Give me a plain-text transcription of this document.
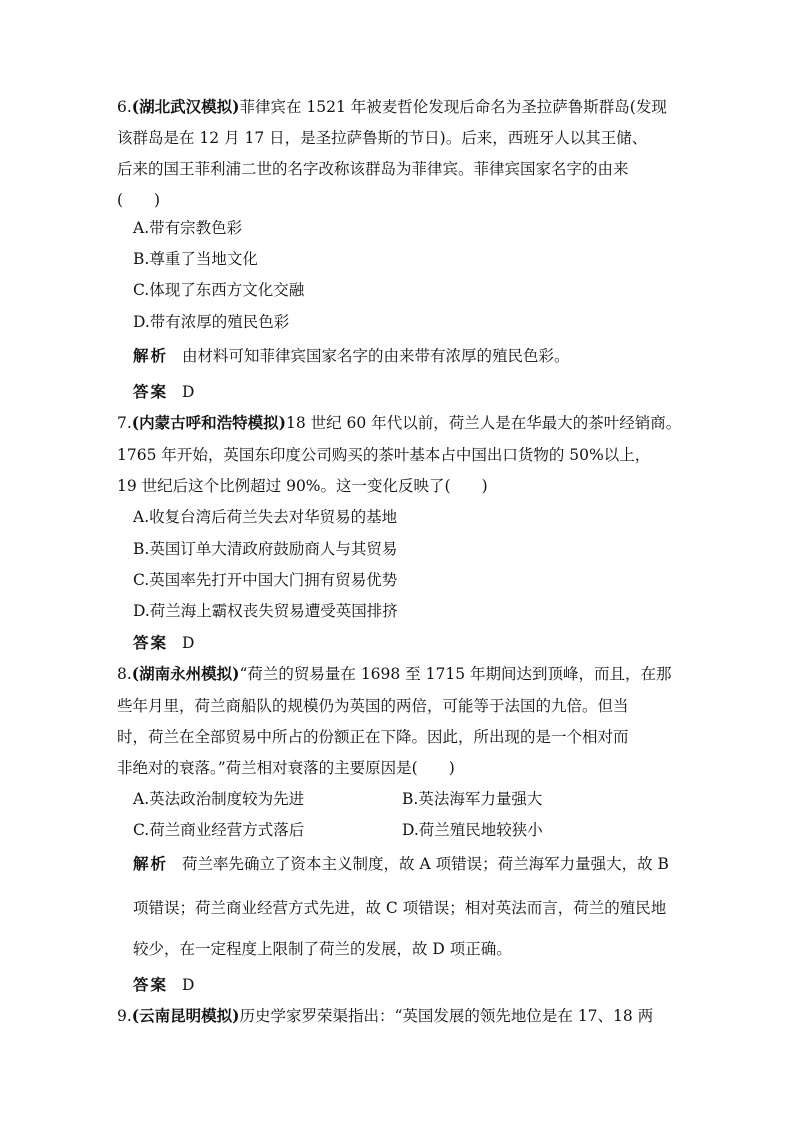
6.(湖北武汉模拟)菲律宾在 1521 年被麦哲伦发现后命名为圣拉萨鲁斯群岛(发现
该群岛是在 12 月 17 日，是圣拉萨鲁斯的节日)。后来，西班牙人以其王储、
后来的国王菲利浦二世的名字改称该群岛为菲律宾。菲律宾国家名字的由来
(　　)
A.带有宗教色彩
B.尊重了当地文化
C.体现了东西方文化交融
D.带有浓厚的殖民色彩
解析 由材料可知菲律宾国家名字的由来带有浓厚的殖民色彩。
答案 D
7.(内蒙古呼和浩特模拟)18 世纪 60 年代以前，荷兰人是在华最大的茶叶经销商。
1765 年开始，英国东印度公司购买的茶叶基本占中国出口货物的 50%以上，
19 世纪后这个比例超过 90%。这一变化反映了(　　)
A.收复台湾后荷兰失去对华贸易的基地
B.英国订单大清政府鼓励商人与其贸易
C.英国率先打开中国大门拥有贸易优势
D.荷兰海上霸权丧失贸易遭受英国排挤
答案 D
8.(湖南永州模拟)“荷兰的贸易量在 1698 至 1715 年期间达到顶峰，而且，在那
些年月里，荷兰商船队的规模仍为英国的两倍，可能等于法国的九倍。但当
时，荷兰在全部贸易中所占的份额正在下降。因此，所出现的是一个相对而
非绝对的衰落。”荷兰相对衰落的主要原因是(　　)
A.英法政治制度较为先进	B.英法海军力量强大
C.荷兰商业经营方式落后	D.荷兰殖民地较狭小
解析 荷兰率先确立了资本主义制度，故 A 项错误；荷兰海军力量强大，故 B
项错误；荷兰商业经营方式先进，故 C 项错误；相对英法而言，荷兰的殖民地
较少，在一定程度上限制了荷兰的发展，故 D 项正确。
答案 D
9.(云南昆明模拟)历史学家罗荣渠指出：“英国发展的领先地位是在 17、18 两
